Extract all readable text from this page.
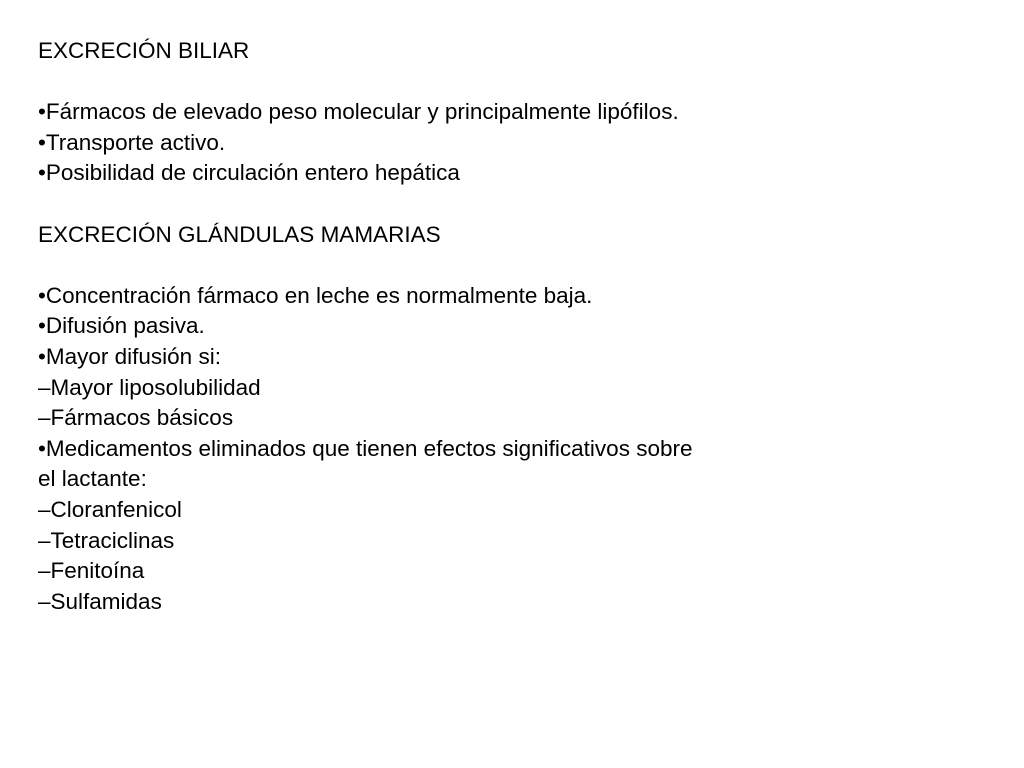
EXCRECIÓN BILIAR
•Fármacos de elevado peso molecular y principalmente lipófilos.
•Transporte activo.
•Posibilidad de circulación entero hepática
EXCRECIÓN GLÁNDULAS MAMARIAS
•Concentración fármaco en leche es normalmente baja.
•Difusión pasiva.
•Mayor difusión si:
–Mayor liposolubilidad
–Fármacos básicos
•Medicamentos eliminados que tienen efectos significativos sobre
el lactante:
–Cloranfenicol
–Tetraciclinas
–Fenitoína
–Sulfamidas
